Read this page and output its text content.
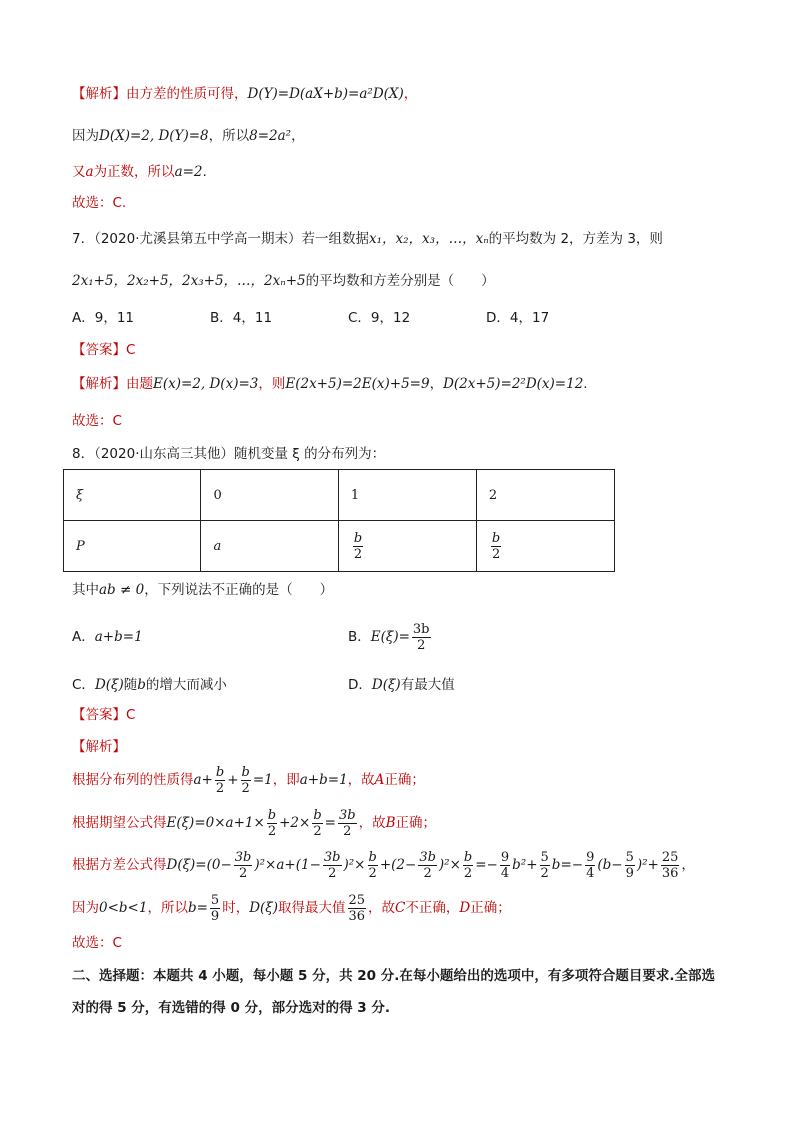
【解析】由方差的性质可得，D(Y)=D(aX+b)=a²D(X)，
因为D(X)=2, D(Y)=8，所以8=2a²，
又a为正数，所以a=2.
故选：C.
7．（2020·尤溪县第五中学高一期末）若一组数据x₁，x₂，x₃，…，xₙ的平均数为 2，方差为 3，则
2x₁+5，2x₂+5，2x₃+5，…，2xₙ+5的平均数和方差分别是（　　）
A．9，11	B．4，11	C．9，12	D．4，17
【答案】C
【解析】由题E(x)=2, D(x)=3，则E(2x+5)=2E(x)+5=9，D(2x+5)=2²D(x)=12.
故选：C
8．（2020·山东高三其他）随机变量 ξ 的分布列为：
ξ	0	1	2
P	a	$\frac{b}{2}$	$\frac{b}{2}$
其中ab ≠ 0，下列说法不正确的是（　　）
A．a+b=1	B．$E(\xi)= \frac{3b}{2}$
C．D(ξ)随b的增大而减小	D．D(ξ)有最大值
【答案】C
【解析】
根据分布列的性质得$a+ \frac{b}{2} + \frac{b}{2} =1$，即a+b=1，故A正确；
根据期望公式得$E(\xi)=0\times a+1\times \frac{b}{2} +2\times \frac{b}{2} = \frac{3b}{2}$ ，故B正确；
根据方差公式得$D(\xi)=(0- \frac{3b}{2} )^2\times a+(1- \frac{3b}{2} )^2\times \frac{b}{2} +(2- \frac{3b}{2} )^2\times \frac{b}{2} =- \frac{9}{4} b^2+ \frac{5}{2} b=- \frac{9}{4} (b- \frac{5}{9} )^2+ \frac{25}{36}$ ，
因为0<b<1，所以$b= \frac{5}{9}$ 时，D(ξ)取得最大值 $\frac{25}{36}$ ，故C不正确，D正确；
故选：C
二、选择题：本题共 4 小题，每小题 5 分，共 20 分.在每小题给出的选项中，有多项符合题目要求.全部选
对的得 5 分，有选错的得 0 分，部分选对的得 3 分.
